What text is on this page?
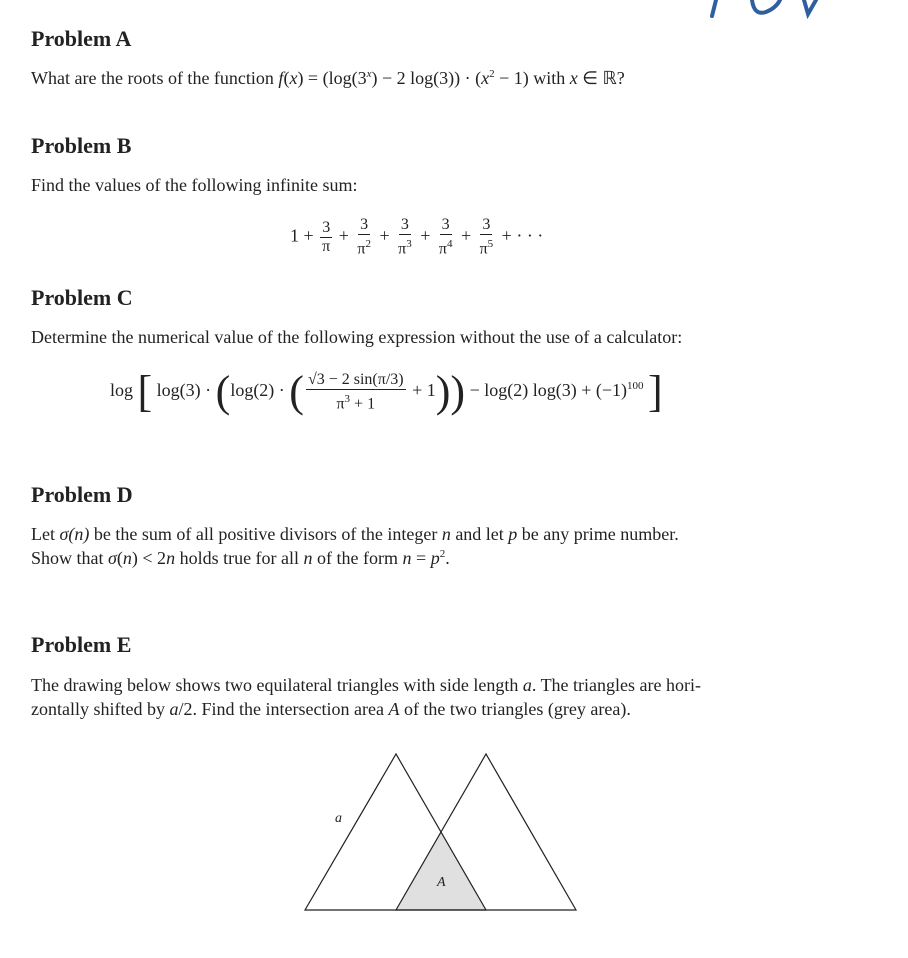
Problem A

What are the roots of the function $f(x) = (\log(3^x) - 2$ $\log(3)) \cdot (x^2 - 1)$ with x ∈ ℝ?

Problem B

Find the values of the following infinite sum:

$1 + \frac{3}{\pi} + \frac{3}{\pi^2} + \frac{3}{\pi^3} + \frac{3}{\pi^4} + \frac{3}{\pi^5}$ + · · ·
Problem C

Determine the numerical value of the following expression without the use of a calculator:

log [ log(3) · (log(2) · ( $\frac{√3 - 2 \sin(\pi/3)}{\pi^3 + 1} + 1)) - \log(2)$ $\log(3) + (-1)^{100}$ ]
Problem D

Let σ(n) be the sum of all positive divisors of the integer n and let p be any prime number.

Show that σ(n) < 2n holds true for all n of the form $n = p^2$.

Problem E

The drawing below shows two equilateral triangles with side length a. The triangles are hori-

zontally shifted by a/2. Find the intersection area A of the two triangles (grey area).

a
A
